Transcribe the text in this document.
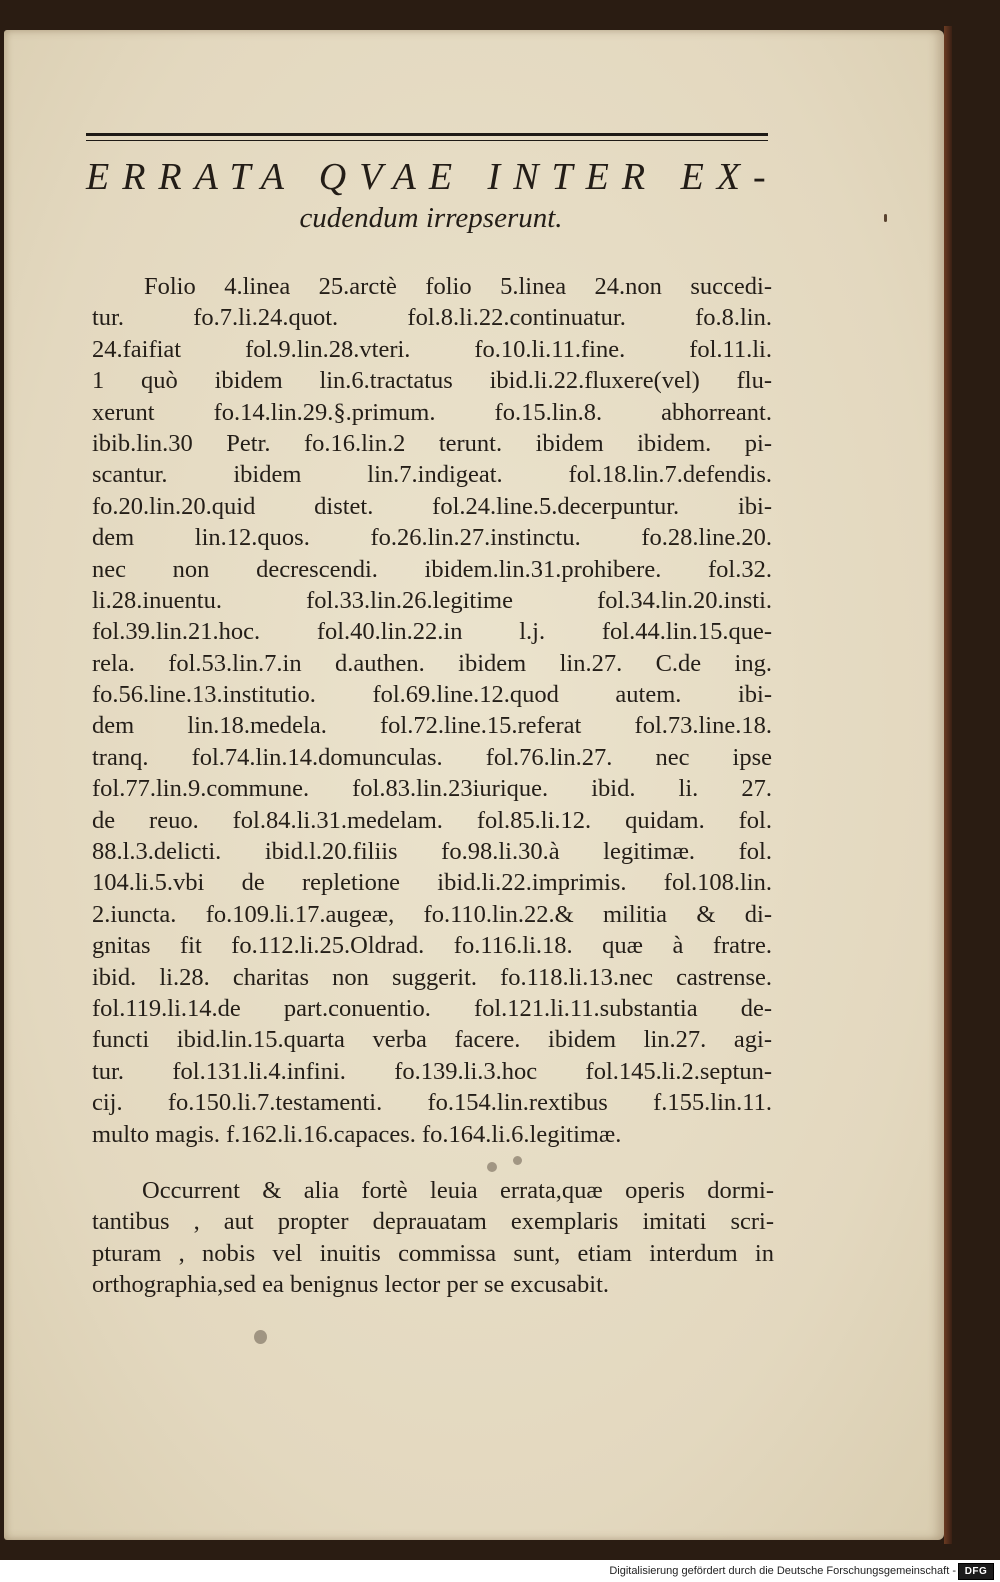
ERRATA QVAE INTER EX-
cudendum irrepserunt.
Folio 4.linea 25.arctè folio 5.linea 24.non succedi-
tur. fo.7.li.24.quot. fol.8.li.22.continuatur. fo.8.lin.
24.faifiat fol.9.lin.28.vteri. fo.10.li.11.fine. fol.11.li.
1 quò ibidem lin.6.tractatus ibid.li.22.fluxere(vel) flu-
xerunt fo.14.lin.29.§.primum. fo.15.lin.8. abhorreant.
ibib.lin.30 Petr. fo.16.lin.2 terunt. ibidem ibidem. pi-
scantur. ibidem lin.7.indigeat. fol.18.lin.7.defendis.
fo.20.lin.20.quid distet. fol.24.line.5.decerpuntur. ibi-
dem lin.12.quos. fo.26.lin.27.instinctu. fo.28.line.20.
nec non decrescendi. ibidem.lin.31.prohibere. fol.32.
li.28.inuentu. fol.33.lin.26.legitime fol.34.lin.20.insti.
fol.39.lin.21.hoc. fol.40.lin.22.in l.j. fol.44.lin.15.que-
rela. fol.53.lin.7.in d.authen. ibidem lin.27. C.de ing.
fo.56.line.13.institutio. fol.69.line.12.quod autem. ibi-
dem lin.18.medela. fol.72.line.15.referat fol.73.line.18.
tranq. fol.74.lin.14.domunculas. fol.76.lin.27. nec ipse
fol.77.lin.9.commune. fol.83.lin.23iurique. ibid. li. 27.
de reuo. fol.84.li.31.medelam. fol.85.li.12. quidam. fol.
88.l.3.delicti. ibid.l.20.filiis fo.98.li.30.à legitimæ. fol.
104.li.5.vbi de repletione ibid.li.22.imprimis. fol.108.lin.
2.iuncta. fo.109.li.17.augeæ, fo.110.lin.22.& militia & di-
gnitas fit fo.112.li.25.Oldrad. fo.116.li.18. quæ à fratre.
ibid. li.28. charitas non suggerit. fo.118.li.13.nec castrense.
fol.119.li.14.de part.conuentio. fol.121.li.11.substantia de-
functi ibid.lin.15.quarta verba facere. ibidem lin.27. agi-
tur. fol.131.li.4.infini. fo.139.li.3.hoc fol.145.li.2.septun-
cij. fo.150.li.7.testamenti. fo.154.lin.rextibus f.155.lin.11.
multo magis. f.162.li.16.capaces. fo.164.li.6.legitimæ.
Occurrent & alia fortè leuia errata,quæ operis dormi-
tantibus , aut propter deprauatam exemplaris imitati scri-
pturam , nobis vel inuitis commissa sunt, etiam interdum in
orthographia,sed ea benignus lector per se excusabit.
Digitalisierung gefördert durch die Deutsche Forschungsgemeinschaft - DFG
